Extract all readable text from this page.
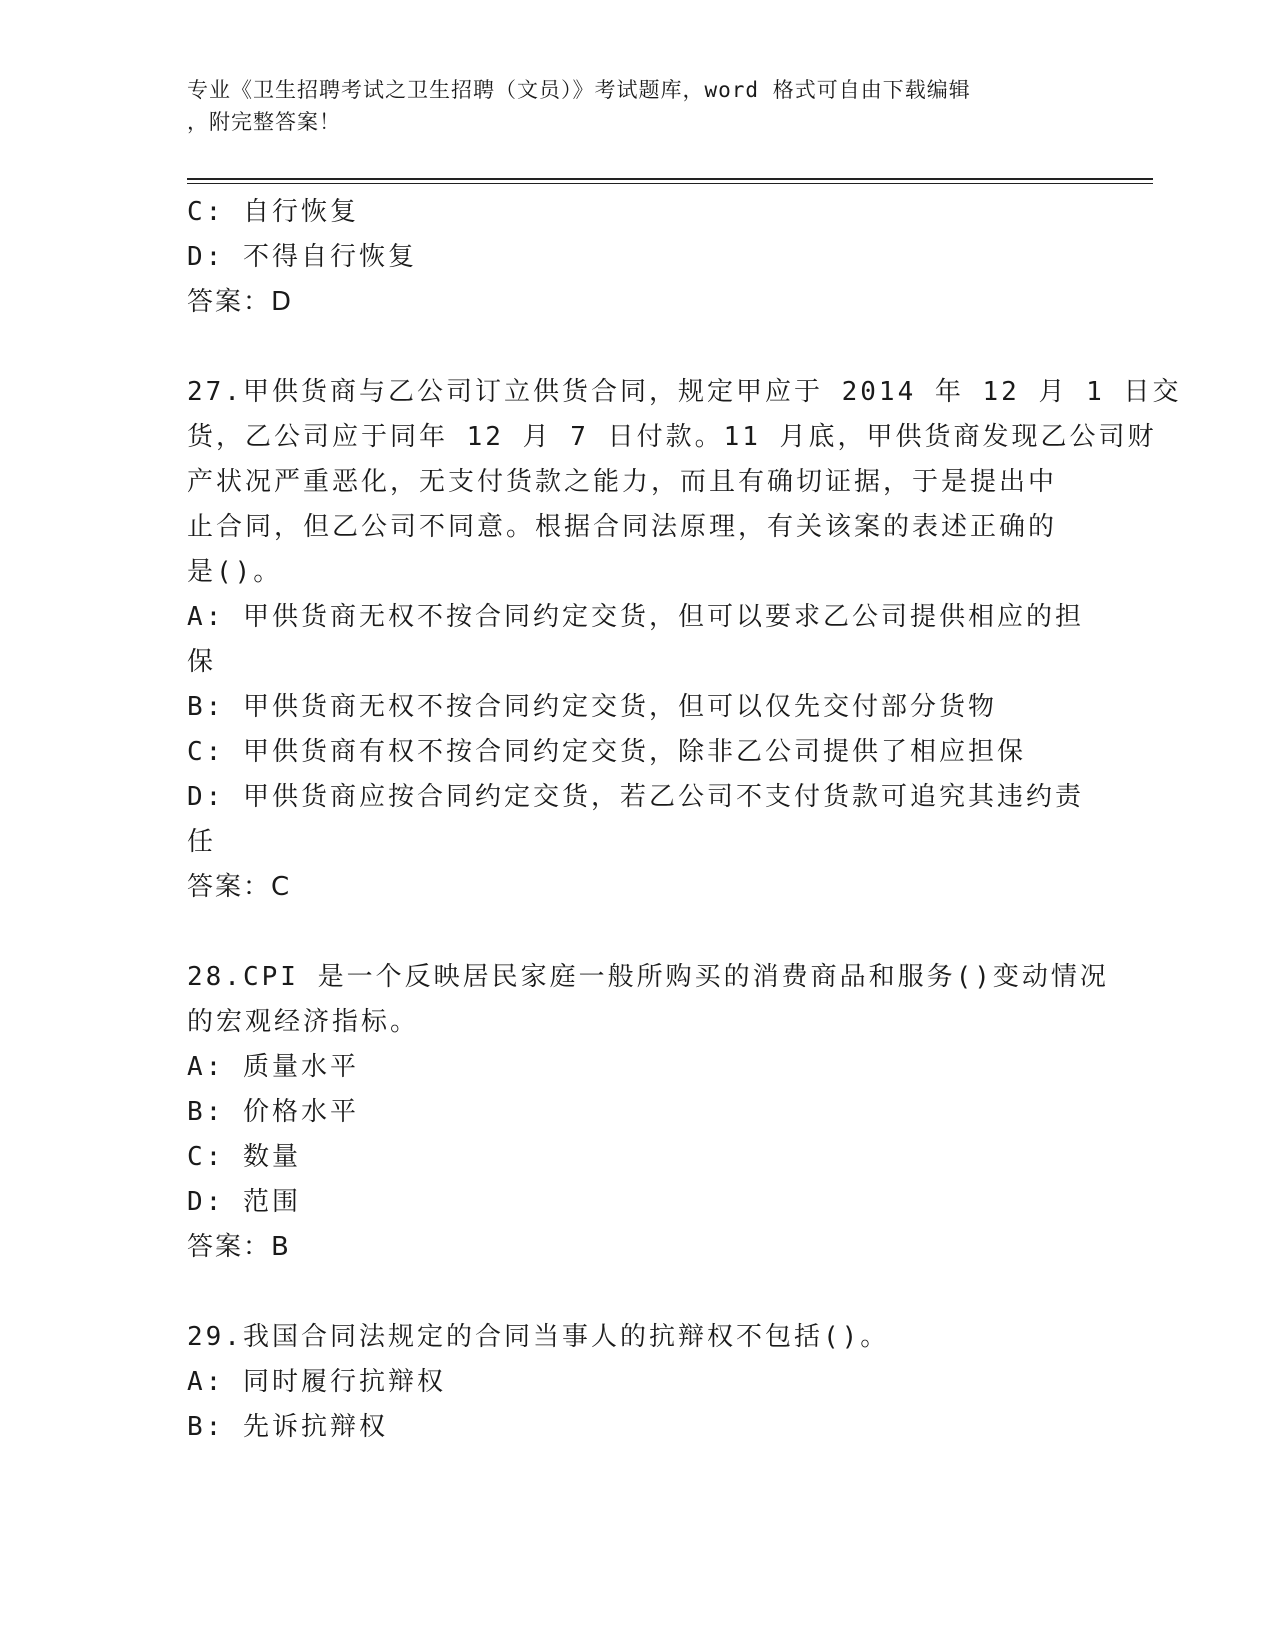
专业《卫生招聘考试之卫生招聘（文员）》考试题库，word 格式可自由下载编辑
，附完整答案！
C: 自行恢复
D: 不得自行恢复
答案：D
27.甲供货商与乙公司订立供货合同，规定甲应于 2014 年 12 月 1 日交
货，乙公司应于同年 12 月 7 日付款。11 月底，甲供货商发现乙公司财
产状况严重恶化，无支付货款之能力，而且有确切证据，于是提出中
止合同，但乙公司不同意。根据合同法原理，有关该案的表述正确的
是()。
A: 甲供货商无权不按合同约定交货，但可以要求乙公司提供相应的担
保
B: 甲供货商无权不按合同约定交货，但可以仅先交付部分货物
C: 甲供货商有权不按合同约定交货，除非乙公司提供了相应担保
D: 甲供货商应按合同约定交货，若乙公司不支付货款可追究其违约责
任
答案：C
28.CPI 是一个反映居民家庭一般所购买的消费商品和服务()变动情况
的宏观经济指标。
A: 质量水平
B: 价格水平
C: 数量
D: 范围
答案：B
29.我国合同法规定的合同当事人的抗辩权不包括()。
A: 同时履行抗辩权
B: 先诉抗辩权
